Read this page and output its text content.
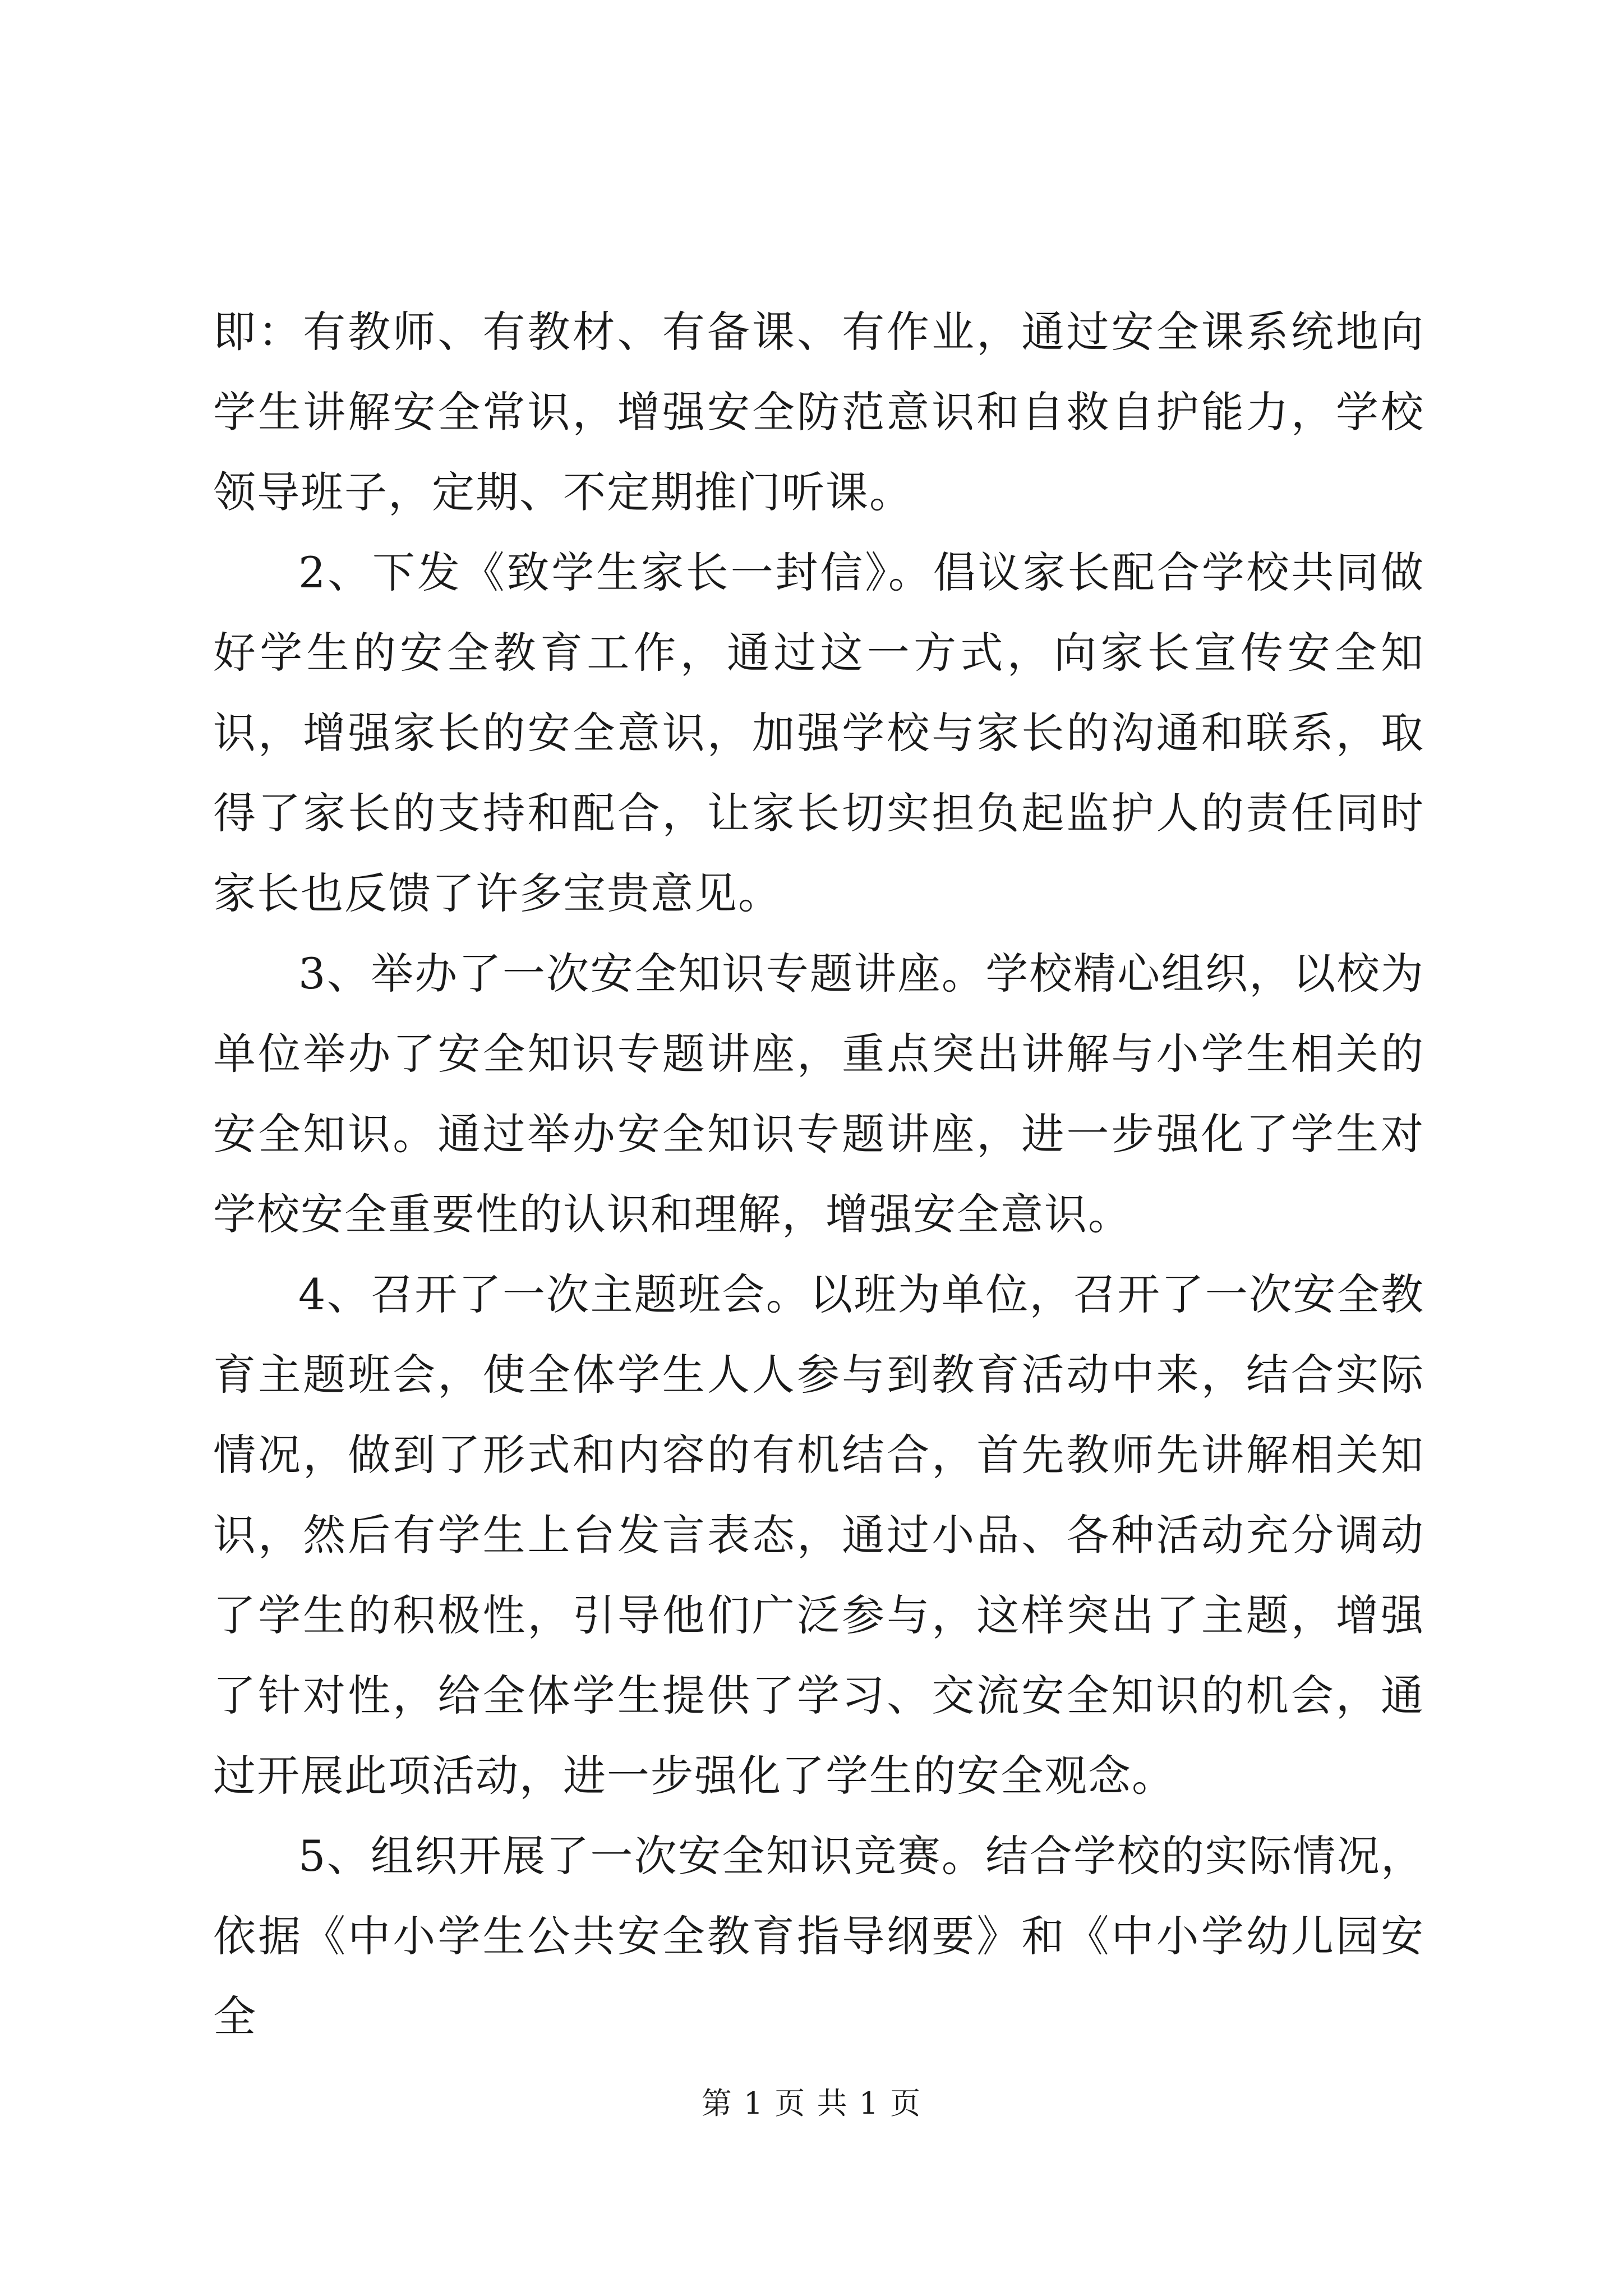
即：有教师、有教材、有备课、有作业，通过安全课系统地向学生讲解安全常识，增强安全防范意识和自救自护能力，学校领导班子，定期、不定期推门听课。

2、下发《致学生家长一封信》。倡议家长配合学校共同做好学生的安全教育工作，通过这一方式，向家长宣传安全知识，增强家长的安全意识，加强学校与家长的沟通和联系，取得了家长的支持和配合，让家长切实担负起监护人的责任同时家长也反馈了许多宝贵意见。

3、举办了一次安全知识专题讲座。学校精心组织，以校为单位举办了安全知识专题讲座，重点突出讲解与小学生相关的安全知识。通过举办安全知识专题讲座，进一步强化了学生对学校安全重要性的认识和理解，增强安全意识。

4、召开了一次主题班会。以班为单位，召开了一次安全教育主题班会，使全体学生人人参与到教育活动中来，结合实际情况，做到了形式和内容的有机结合，首先教师先讲解相关知识，然后有学生上台发言表态，通过小品、各种活动充分调动了学生的积极性，引导他们广泛参与，这样突出了主题，增强了针对性，给全体学生提供了学习、交流安全知识的机会，通过开展此项活动，进一步强化了学生的安全观念。

5、组织开展了一次安全知识竞赛。结合学校的实际情况，依据《中小学生公共安全教育指导纲要》和《中小学幼儿园安全

第 1 页 共 1 页
